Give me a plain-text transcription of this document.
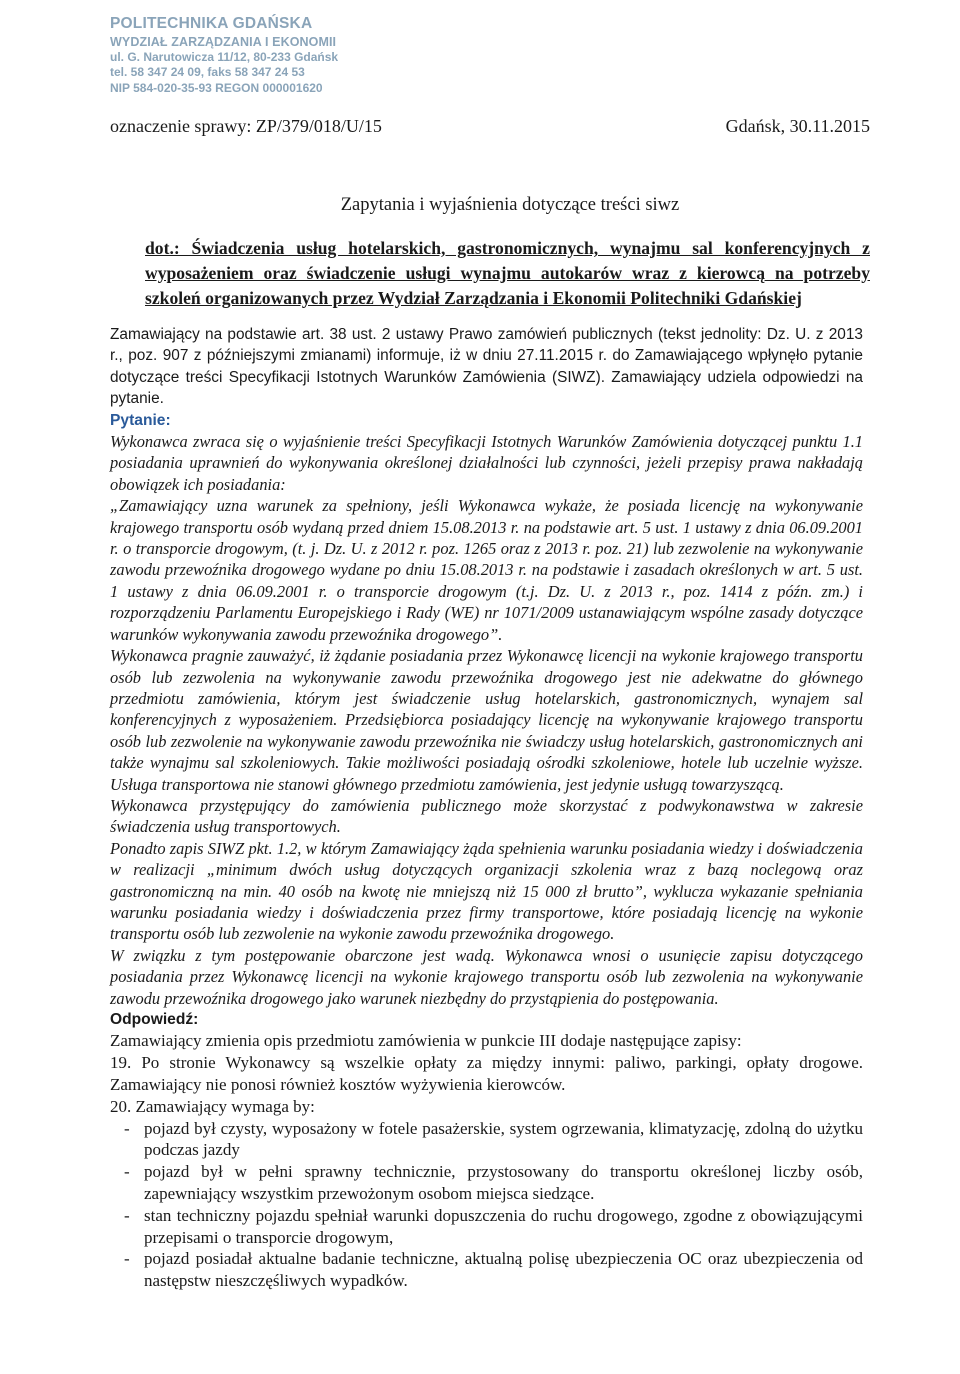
POLITECHNIKA GDAŃSKA
WYDZIAŁ ZARZĄDZANIA I EKONOMII
ul. G. Narutowicza 11/12, 80-233 Gdańsk
tel. 58 347 24 09, faks 58 347 24 53
NIP 584-020-35-93 REGON 000001620
oznaczenie sprawy: ZP/379/018/U/15	Gdańsk, 30.11.2015
Zapytania i wyjaśnienia dotyczące treści siwz
dot.: Świadczenia usług hotelarskich, gastronomicznych, wynajmu sal konferencyjnych z wyposażeniem oraz świadczenie usługi wynajmu autokarów wraz z kierowcą na potrzeby szkoleń organizowanych przez Wydział Zarządzania i Ekonomii Politechniki Gdańskiej

Zamawiający na podstawie art. 38 ust. 2 ustawy Prawo zamówień publicznych (tekst jednolity: Dz. U. z 2013 r., poz. 907 z późniejszymi zmianami) informuje, iż w dniu 27.11.2015 r. do Zamawiającego wpłynęło pytanie dotyczące treści Specyfikacji Istotnych Warunków Zamówienia (SIWZ). Zamawiający udziela odpowiedzi na pytanie.

Pytanie:

Wykonawca zwraca się o wyjaśnienie treści Specyfikacji Istotnych Warunków Zamówienia dotyczącej punktu 1.1 posiadania uprawnień do wykonywania określonej działalności lub czynności, jeżeli przepisy prawa nakładają obowiązek ich posiadania:

„Zamawiający uzna warunek za spełniony, jeśli Wykonawca wykaże, że posiada licencję na wykonywanie krajowego transportu osób wydaną przed dniem 15.08.2013 r. na podstawie art. 5 ust. 1 ustawy z dnia 06.09.2001 r. o transporcie drogowym, (t. j. Dz. U. z 2012 r. poz. 1265 oraz z 2013 r. poz. 21) lub zezwolenie na wykonywanie zawodu przewoźnika drogowego wydane po dniu 15.08.2013 r. na podstawie i zasadach określonych w art. 5 ust. 1 ustawy z dnia 06.09.2001 r. o transporcie drogowym (t.j. Dz. U. z 2013 r., poz. 1414 z późn. zm.) i rozporządzeniu Parlamentu Europejskiego i Rady (WE) nr 1071/2009 ustanawiającym wspólne zasady dotyczące warunków wykonywania zawodu przewoźnika drogowego”.

Wykonawca pragnie zauważyć, iż żądanie posiadania przez Wykonawcę licencji na wykonie krajowego transportu osób lub zezwolenia na wykonywanie zawodu przewoźnika drogowego jest nie adekwatne do głównego przedmiotu zamówienia, którym jest świadczenie usług hotelarskich, gastronomicznych, wynajem sal konferencyjnych z wyposażeniem. Przedsiębiorca posiadający licencję na wykonywanie krajowego transportu osób lub zezwolenie na wykonywanie zawodu przewoźnika nie świadczy usług hotelarskich, gastronomicznych ani także wynajmu sal szkoleniowych. Takie możliwości posiadają ośrodki szkoleniowe, hotele lub uczelnie wyższe. Usługa transportowa nie stanowi głównego przedmiotu zamówienia, jest jedynie usługą towarzyszącą.

Wykonawca przystępujący do zamówienia publicznego może skorzystać z podwykonawstwa w zakresie świadczenia usług transportowych.

Ponadto zapis SIWZ pkt. 1.2, w którym Zamawiający żąda spełnienia warunku posiadania wiedzy i doświadczenia w realizacji „minimum dwóch usług dotyczących organizacji szkolenia wraz z bazą noclegową oraz gastronomiczną na min. 40 osób na kwotę nie mniejszą niż 15 000 zł brutto”, wyklucza wykazanie spełniania warunku posiadania wiedzy i doświadczenia przez firmy transportowe, które posiadają licencję na wykonie transportu osób lub zezwolenie na wykonie zawodu przewoźnika drogowego.

W związku z tym postępowanie obarczone jest wadą. Wykonawca wnosi o usunięcie zapisu dotyczącego posiadania przez Wykonawcę licencji na wykonie krajowego transportu osób lub zezwolenia na wykonywanie zawodu przewoźnika drogowego jako warunek niezbędny do przystąpienia do postępowania.

Odpowiedź:

Zamawiający zmienia opis przedmiotu zamówienia w punkcie III dodaje następujące zapisy:

19. Po stronie Wykonawcy są wszelkie opłaty za między innymi: paliwo, parkingi, opłaty drogowe. Zamawiający nie ponosi również kosztów wyżywienia kierowców.

20. Zamawiający wymaga by:

- pojazd był czysty, wyposażony w fotele pasażerskie, system ogrzewania, klimatyzację, zdolną do użytku podczas jazdy
- pojazd był w pełni sprawny technicznie, przystosowany do transportu określonej liczby osób, zapewniający wszystkim przewożonym osobom miejsca siedzące.
- stan techniczny pojazdu spełniał warunki dopuszczenia do ruchu drogowego, zgodne z obowiązującymi przepisami o transporcie drogowym,
- pojazd posiadał aktualne badanie techniczne, aktualną polisę ubezpieczenia OC oraz ubezpieczenia od następstw nieszczęśliwych wypadków.
